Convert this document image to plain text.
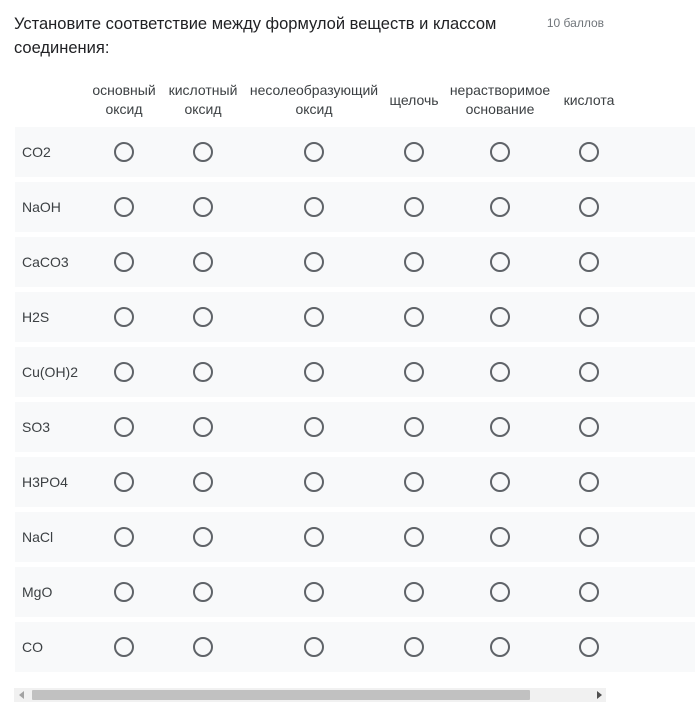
Установите соответствие между формулой веществ и классом соединения:
10 баллов
основный
оксид
кислотный
оксид
несолеобразующий
оксид
щелочь
нерастворимое
основание
кислота
CO2
NaOH
CaCO3
H2S
Cu(OH)2
SO3
H3PO4
NaCl
MgO
CO
